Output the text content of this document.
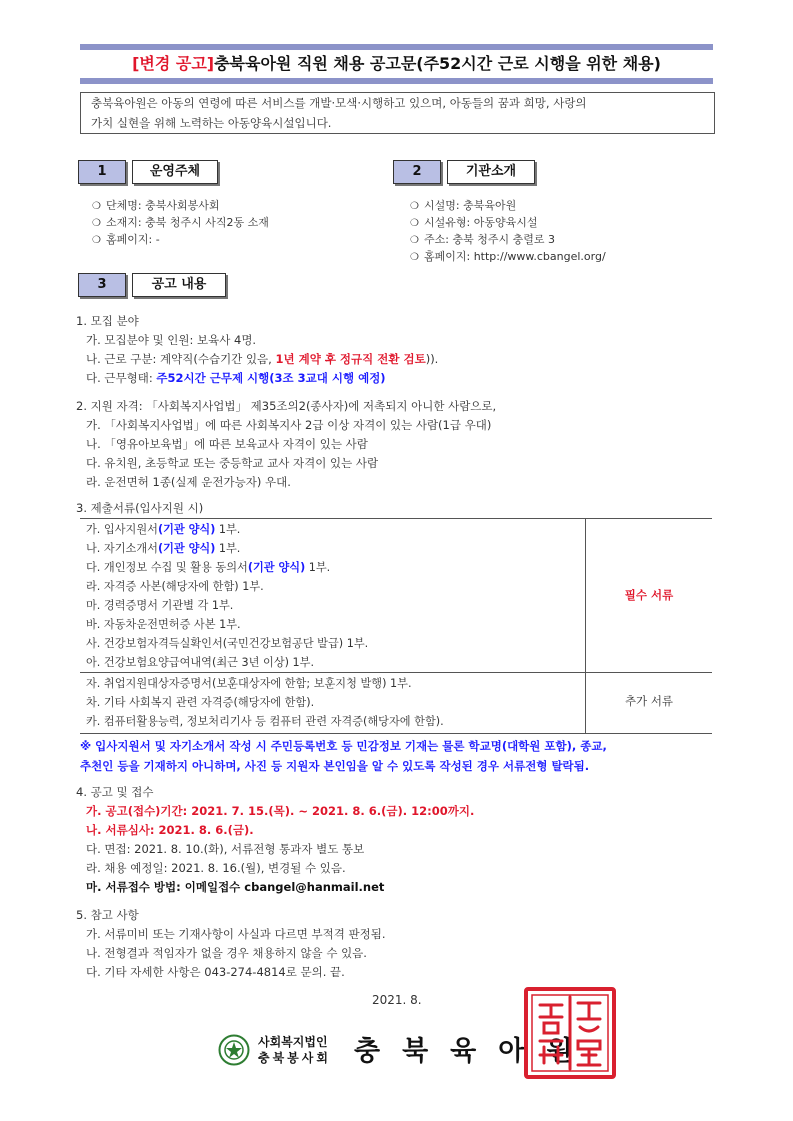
[변경 공고]충북육아원 직원 채용 공고문(주52시간 근로 시행을 위한 채용)
충북육아원은 아동의 연령에 따른 서비스를 개발·모색·시행하고 있으며, 아동들의 꿈과 희망, 사랑의
가치 실현을 위해 노력하는 아동양육시설입니다.
1	운영주체
❍ 단체명: 충북사회봉사회
❍ 소재지: 충북 청주시 사직2동 소재
❍ 홈페이지: -
2	기관소개
❍ 시설명: 충북육아원
❍ 시설유형: 아동양육시설
❍ 주소: 충북 청주시 충렬로 3
❍ 홈페이지: http://www.cbangel.org/
3	공고 내용
1. 모집 분야
가. 모집분야 및 인원: 보육사 4명.
나. 근로 구분: 계약직(수습기간 있음, 1년 계약 후 정규직 전환 검토)).
다. 근무형태: 주52시간 근무제 시행(3조 3교대 시행 예정)
2. 지원 자격: 「사회복지사업법」 제35조의2(종사자)에 저촉되지 아니한 사람으로,
가. 「사회복지사업법」에 따른 사회복지사 2급 이상 자격이 있는 사람(1급 우대)
나. 「영유아보육법」에 따른 보육교사 자격이 있는 사람
다. 유치원, 초등학교 또는 중등학교 교사 자격이 있는 사람
라. 운전면허 1종(실제 운전가능자) 우대.
3. 제출서류(입사지원 시)
가. 입사지원서(기관 양식) 1부.
나. 자기소개서(기관 양식) 1부.
다. 개인정보 수집 및 활용 동의서(기관 양식) 1부.
라. 자격증 사본(해당자에 한함) 1부.
마. 경력증명서 기관별 각 1부.
바. 자동차운전면허증 사본 1부.
사. 건강보험자격득실확인서(국민건강보험공단 발급) 1부.
아. 건강보험요양급여내역(최근 3년 이상) 1부.
필수 서류
자. 취업지원대상자증명서(보훈대상자에 한함; 보훈지청 발행) 1부.
차. 기타 사회복지 관련 자격증(해당자에 한함).
카. 컴퓨터활용능력, 정보처리기사 등 컴퓨터 관련 자격증(해당자에 한함).
추가 서류
※ 입사지원서 및 자기소개서 작성 시 주민등록번호 등 민감정보 기재는 물론 학교명(대학원 포함), 종교,
추천인 등을 기재하지 아니하며, 사진 등 지원자 본인임을 알 수 있도록 작성된 경우 서류전형 탈락됨.
4. 공고 및 접수
가. 공고(접수)기간: 2021. 7. 15.(목). ~ 2021. 8. 6.(금). 12:00까지.
나. 서류심사: 2021. 8. 6.(금).
다. 면접: 2021. 8. 10.(화), 서류전형 통과자 별도 통보
라. 채용 예정일: 2021. 8. 16.(월), 변경될 수 있음.
마. 서류접수 방법: 이메일접수 cbangel@hanmail.net
5. 참고 사항
가. 서류미비 또는 기재사항이 사실과 다르면 부적격 판정됨.
나. 전형결과 적임자가 없을 경우 채용하지 않을 수 있음.
다. 기타 자세한 사항은 043-274-4814로 문의. 끝.
2021. 8.
사회복지법인
충북봉사회 충북육아원
